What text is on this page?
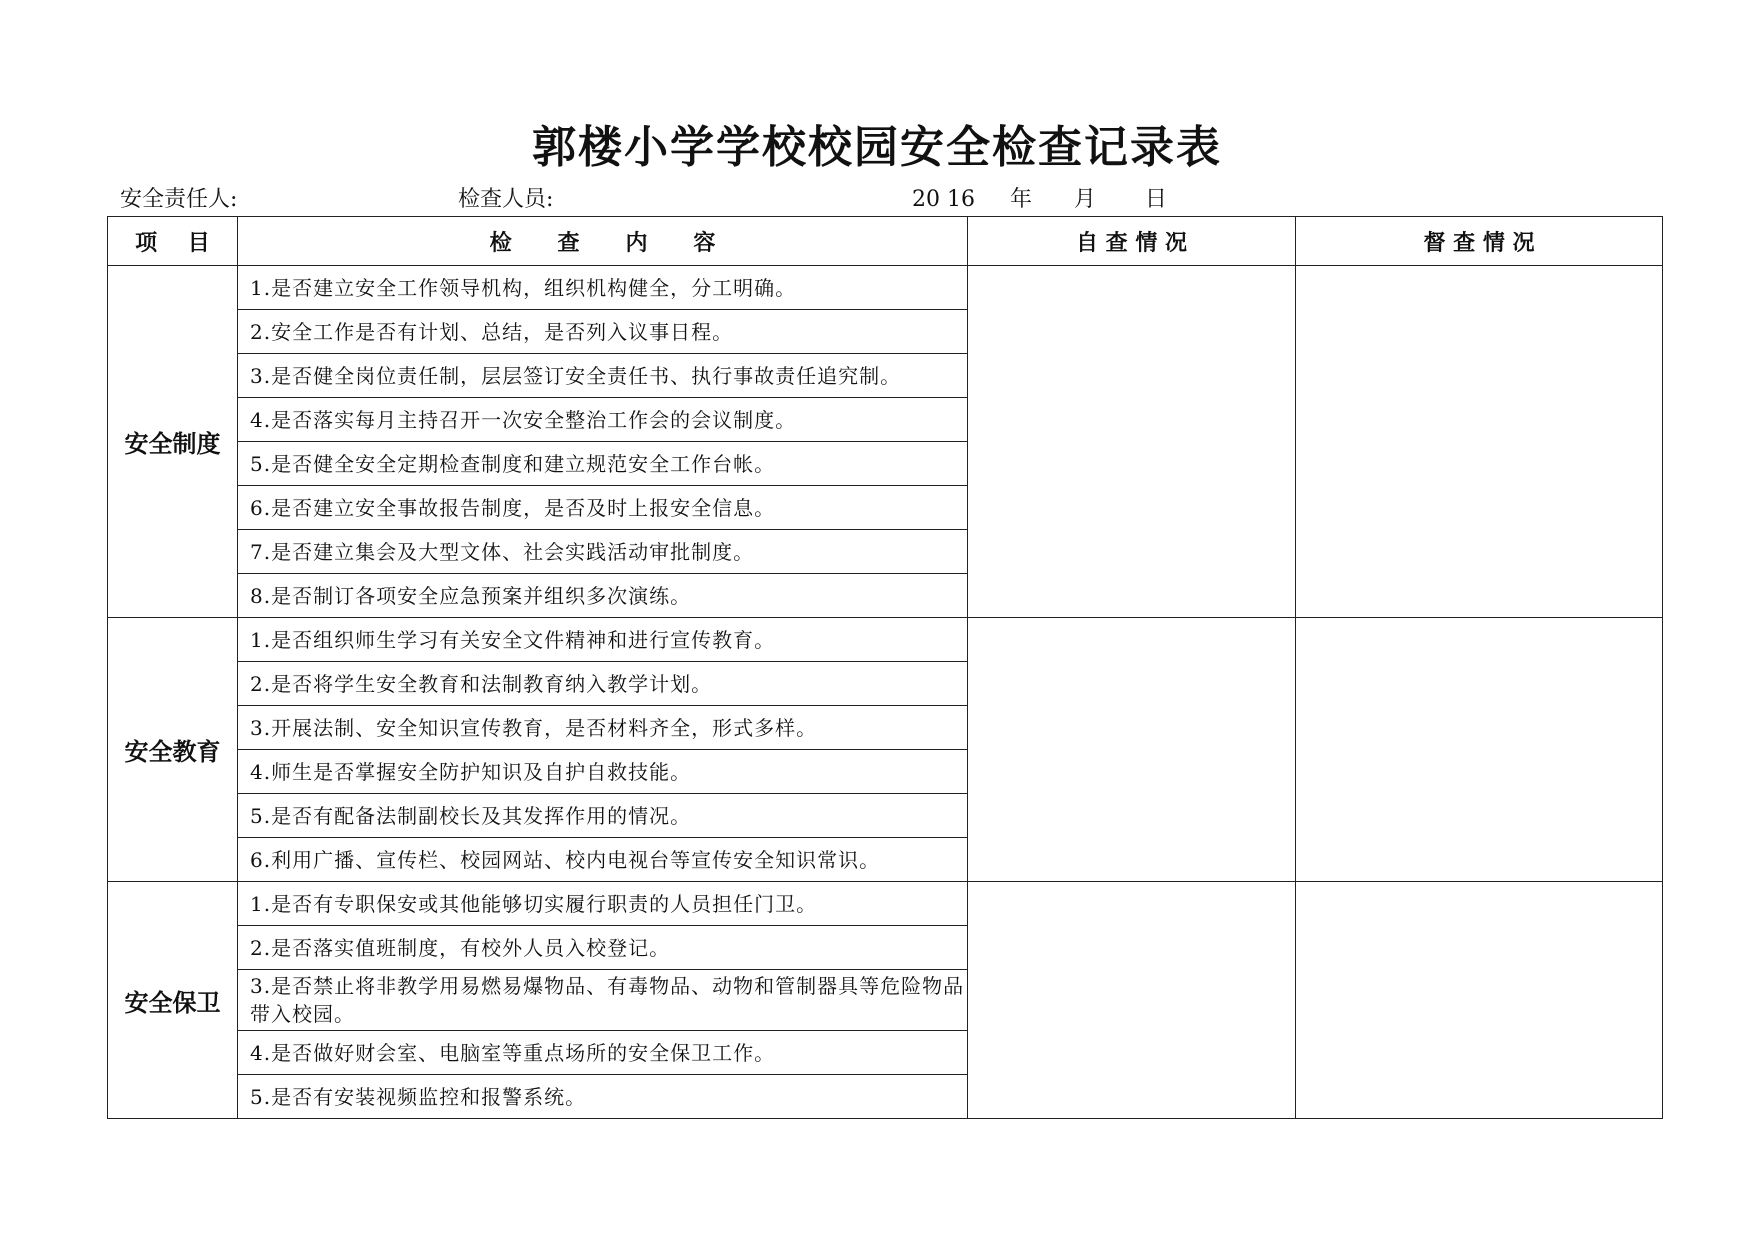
郭楼小学学校校园安全检查记录表
安全责任人:	检查人员:	20 16     年      月       日
项    目	检      查      内      容	自 查 情 况	督 查 情 况
安全制度	1.是否建立安全工作领导机构，组织机构健全，分工明确。		
	2.安全工作是否有计划、总结，是否列入议事日程。		
	3.是否健全岗位责任制，层层签订安全责任书、执行事故责任追究制。		
	4.是否落实每月主持召开一次安全整治工作会的会议制度。		
	5.是否健全安全定期检查制度和建立规范安全工作台帐。		
	6.是否建立安全事故报告制度，是否及时上报安全信息。		
	7.是否建立集会及大型文体、社会实践活动审批制度。		
	8.是否制订各项安全应急预案并组织多次演练。		
安全教育	1.是否组织师生学习有关安全文件精神和进行宣传教育。		
	2.是否将学生安全教育和法制教育纳入教学计划。		
	3.开展法制、安全知识宣传教育，是否材料齐全，形式多样。		
	4.师生是否掌握安全防护知识及自护自救技能。		
	5.是否有配备法制副校长及其发挥作用的情况。		
	6.利用广播、宣传栏、校园网站、校内电视台等宣传安全知识常识。		
安全保卫	1.是否有专职保安或其他能够切实履行职责的人员担任门卫。		
	2.是否落实值班制度，有校外人员入校登记。		
	3.是否禁止将非教学用易燃易爆物品、有毒物品、动物和管制器具等危险物品带入校园。		
	4.是否做好财会室、电脑室等重点场所的安全保卫工作。		
	5.是否有安装视频监控和报警系统。		
